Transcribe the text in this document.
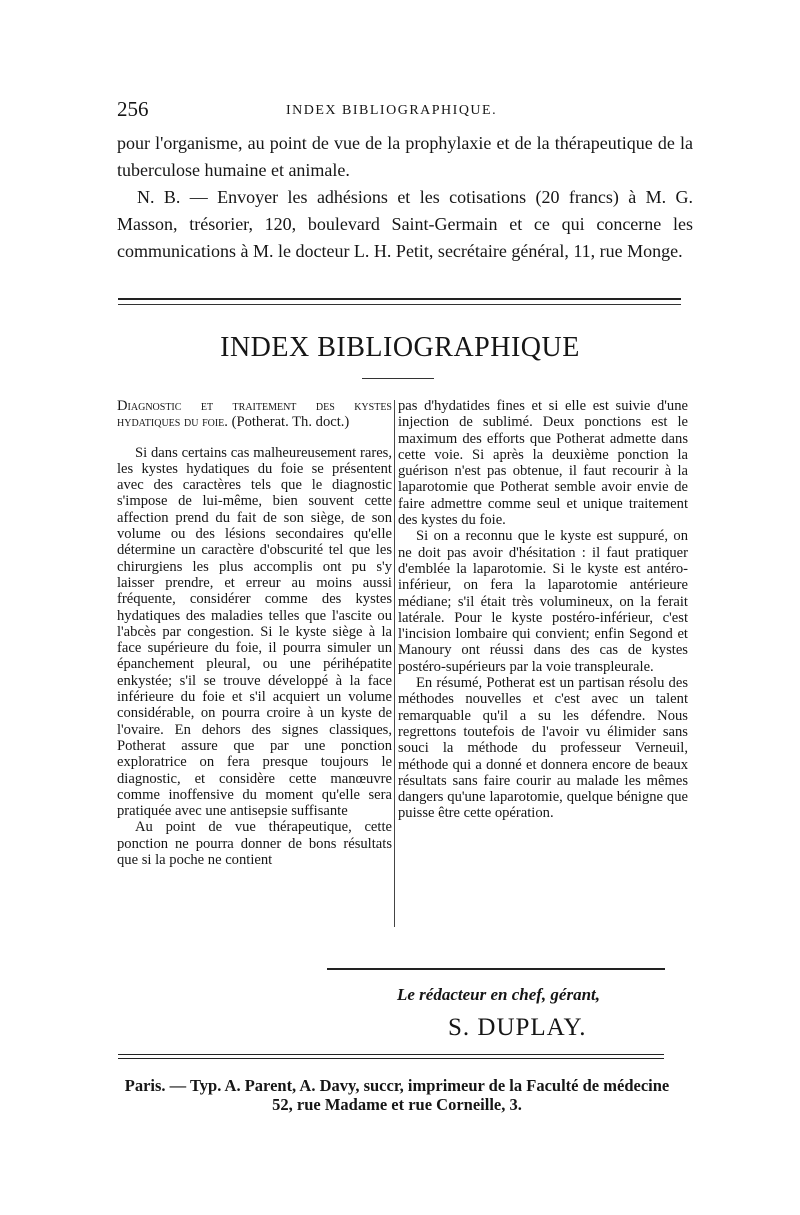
256	INDEX BIBLIOGRAPHIQUE.

pour l'organisme, au point de vue de la prophylaxie et de la thérapeutique de la tuberculose humaine et animale.

N. B. — Envoyer les adhésions et les cotisations (20 francs) à M. G. Masson, trésorier, 120, boulevard Saint-Germain et ce qui concerne les communications à M. le docteur L. H. Petit, secrétaire général, 11, rue Monge.

INDEX BIBLIOGRAPHIQUE

Diagnostic et traitement des kystes hydatiques du foie. (Potherat. Th. doct.)

Si dans certains cas malheureusement rares, les kystes hydatiques du foie se présentent avec des caractères tels que le diagnostic s'impose de lui-même, bien souvent cette affection prend du fait de son siège, de son volume ou des lésions secondaires qu'elle détermine un caractère d'obscurité tel que les chirurgiens les plus accomplis ont pu s'y laisser prendre, et erreur au moins aussi fréquente, considérer comme des kystes hydatiques des maladies telles que l'ascite ou l'abcès par congestion. Si le kyste siège à la face supérieure du foie, il pourra simuler un épanchement pleural, ou une périhépatite enkystée; s'il se trouve développé à la face inférieure du foie et s'il acquiert un volume considérable, on pourra croire à un kyste de l'ovaire. En dehors des signes classiques, Potherat assure que par une ponction exploratrice on fera presque toujours le diagnostic, et considère cette manœuvre comme inoffensive du moment qu'elle sera pratiquée avec une antisepsie suffisante

Au point de vue thérapeutique, cette ponction ne pourra donner de bons résultats que si la poche ne contient

pas d'hydatides fines et si elle est suivie d'une injection de sublimé. Deux ponctions est le maximum des efforts que Potherat admette dans cette voie. Si après la deuxième ponction la guérison n'est pas obtenue, il faut recourir à la laparotomie que Potherat semble avoir envie de faire admettre comme seul et unique traitement des kystes du foie.

Si on a reconnu que le kyste est suppuré, on ne doit pas avoir d'hésitation : il faut pratiquer d'emblée la laparotomie. Si le kyste est antéro-inférieur, on fera la laparotomie antérieure médiane; s'il était très volumineux, on la ferait latérale. Pour le kyste postéro-inférieur, c'est l'incision lombaire qui convient; enfin Segond et Manoury ont réussi dans des cas de kystes postéro-supérieurs par la voie transpleurale.

En résumé, Potherat est un partisan résolu des méthodes nouvelles et c'est avec un talent remarquable qu'il a su les défendre. Nous regrettons toutefois de l'avoir vu élimider sans souci la méthode du professeur Verneuil, méthode qui a donné et donnera encore de beaux résultats sans faire courir au malade les mêmes dangers qu'une laparotomie, quelque bénigne que puisse être cette opération.

Le rédacteur en chef, gérant,
S. DUPLAY.

Paris. — Typ. A. Parent, A. Davy, succr, imprimeur de la Faculté de médecine

52, rue Madame et rue Corneille, 3.
